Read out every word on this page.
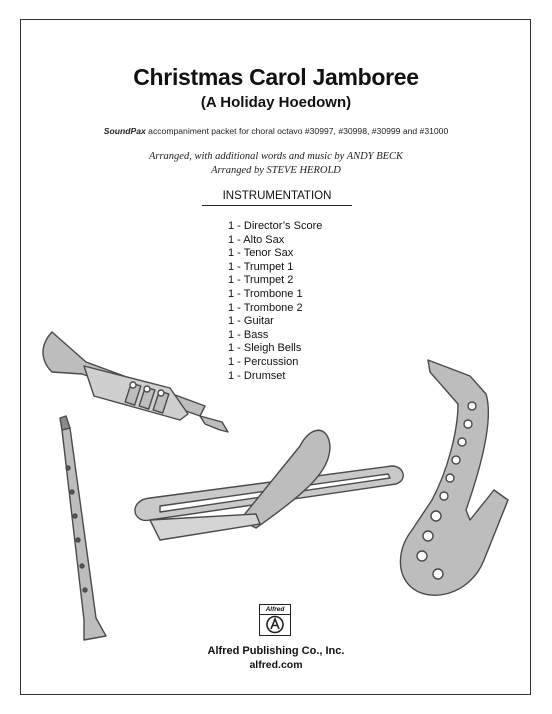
Christmas Carol Jamboree
(A Holiday Hoedown)
SoundPax accompaniment packet for choral octavo #30997, #30998, #30999 and #31000
Arranged, with additional words and music by ANDY BECK
Arranged by STEVE HEROLD
INSTRUMENTATION
1 - Director’s Score
1 - Alto Sax
1 - Tenor Sax
1 - Trumpet 1
1 - Trumpet 2
1 - Trombone 1
1 - Trombone 2
1 - Guitar
1 - Bass
1 - Sleigh Bells
1 - Percussion
1 - Drumset
Alfred
Alfred Publishing Co., Inc.
alfred.com
